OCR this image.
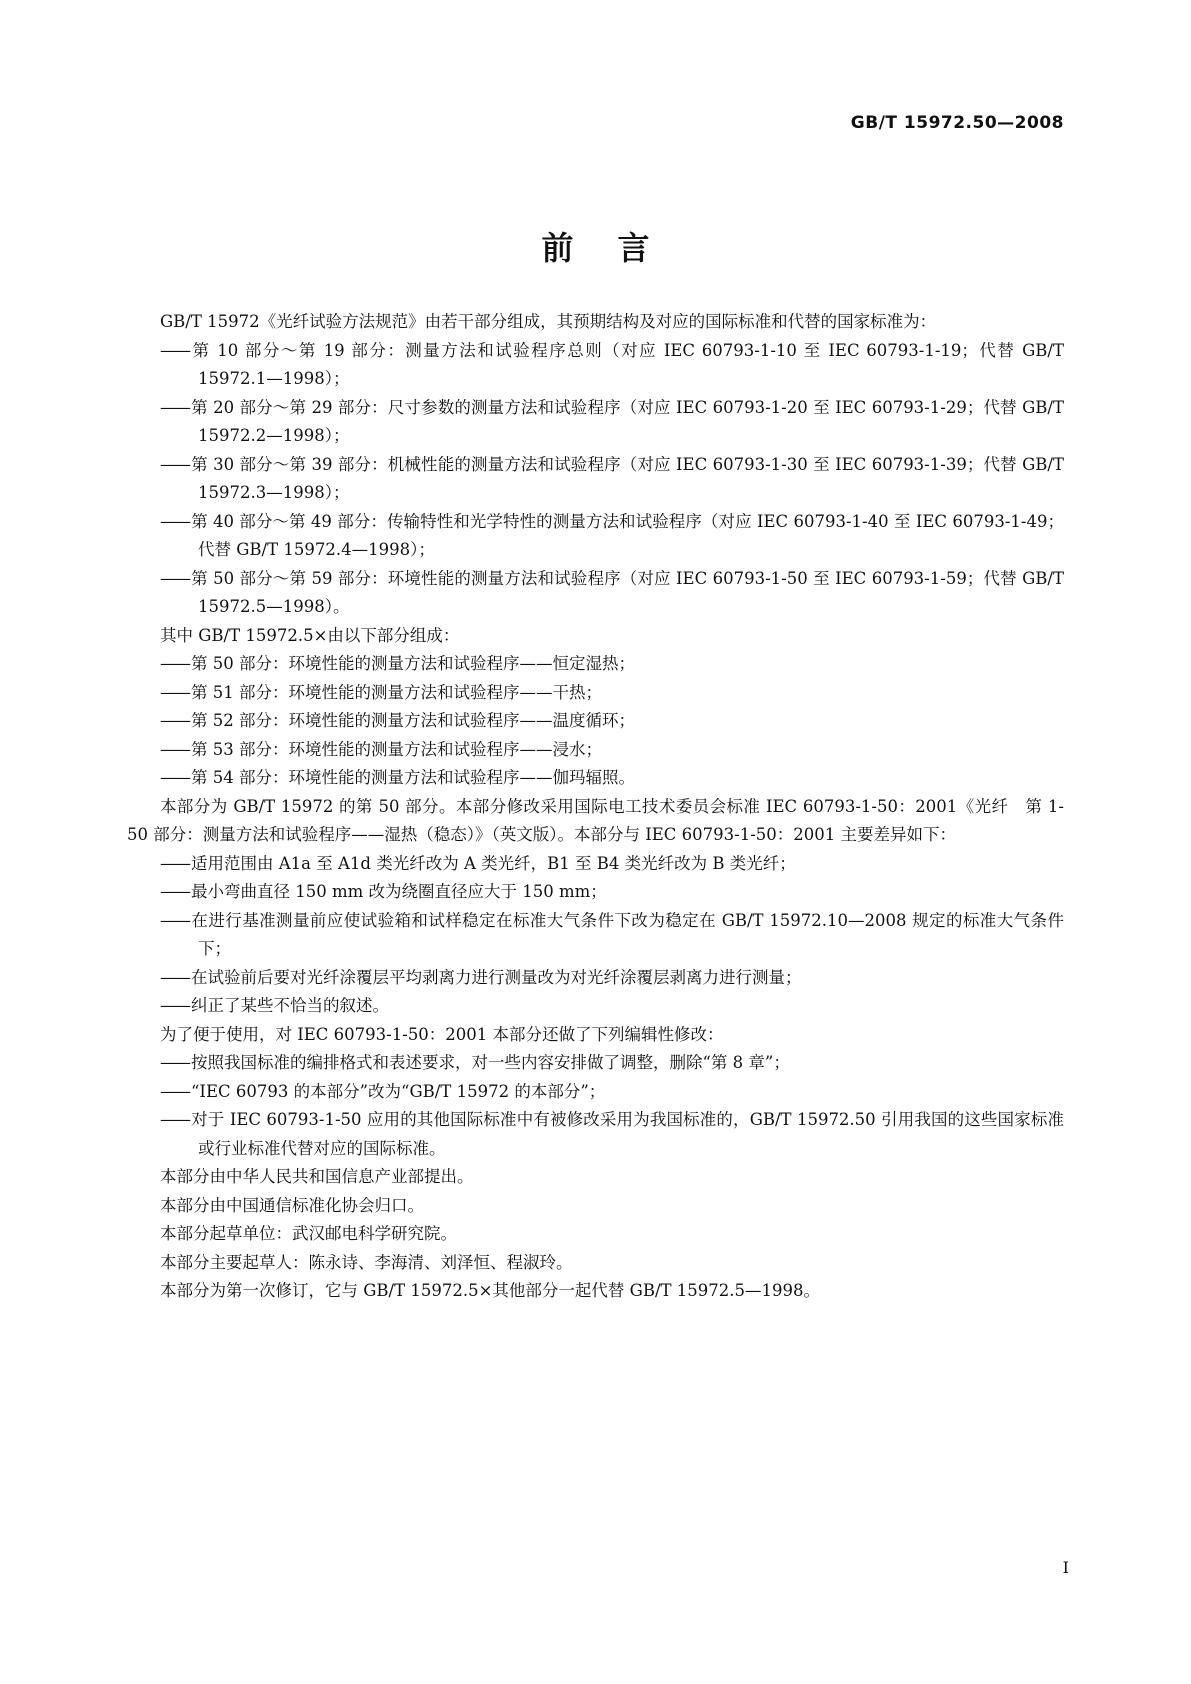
GB/T 15972.50—2008

前言

GB/T 15972《光纤试验方法规范》由若干部分组成，其预期结构及对应的国际标准和代替的国家标准为：

—— 第 10 部分～第 19 部分：测量方法和试验程序总则（对应 IEC 60793-1-10 至 IEC 60793-1-19；代替 GB/T 15972.1—1998）；

—— 第 20 部分～第 29 部分：尺寸参数的测量方法和试验程序（对应 IEC 60793-1-20 至 IEC 60793-1-29；代替 GB/T 15972.2—1998）；

—— 第 30 部分～第 39 部分：机械性能的测量方法和试验程序（对应 IEC 60793-1-30 至 IEC 60793-1-39；代替 GB/T 15972.3—1998）；

—— 第 40 部分～第 49 部分：传输特性和光学特性的测量方法和试验程序（对应 IEC 60793-1-40 至 IEC 60793-1-49；代替 GB/T 15972.4—1998）；

—— 第 50 部分～第 59 部分：环境性能的测量方法和试验程序（对应 IEC 60793-1-50 至 IEC 60793-1-59；代替 GB/T 15972.5—1998）。

其中 GB/T 15972.5×由以下部分组成：

—— 第 50 部分：环境性能的测量方法和试验程序——恒定湿热；

—— 第 51 部分：环境性能的测量方法和试验程序——干热；

—— 第 52 部分：环境性能的测量方法和试验程序——温度循环；

—— 第 53 部分：环境性能的测量方法和试验程序——浸水；

—— 第 54 部分：环境性能的测量方法和试验程序——伽玛辐照。

本部分为 GB/T 15972 的第 50 部分。本部分修改采用国际电工技术委员会标准 IEC 60793-1-50：2001《光纤　第 1-50 部分：测量方法和试验程序——湿热（稳态）》（英文版）。本部分与 IEC 60793-1-50：2001 主要差异如下：

—— 适用范围由 A1a 至 A1d 类光纤改为 A 类光纤，B1 至 B4 类光纤改为 B 类光纤；

—— 最小弯曲直径 150 mm 改为绕圈直径应大于 150 mm；

—— 在进行基准测量前应使试验箱和试样稳定在标准大气条件下改为稳定在 GB/T 15972.10—2008 规定的标准大气条件下；

—— 在试验前后要对光纤涂覆层平均剥离力进行测量改为对光纤涂覆层剥离力进行测量；

—— 纠正了某些不恰当的叙述。

为了便于使用，对 IEC 60793-1-50：2001 本部分还做了下列编辑性修改：

—— 按照我国标准的编排格式和表述要求，对一些内容安排做了调整，删除“第 8 章”；

—— “IEC 60793 的本部分”改为“GB/T 15972 的本部分”；

—— 对于 IEC 60793-1-50 应用的其他国际标准中有被修改采用为我国标准的，GB/T 15972.50 引用我国的这些国家标准或行业标准代替对应的国际标准。

本部分由中华人民共和国信息产业部提出。

本部分由中国通信标准化协会归口。

本部分起草单位：武汉邮电科学研究院。

本部分主要起草人：陈永诗、李海清、刘泽恒、程淑玲。

本部分为第一次修订，它与 GB/T 15972.5×其他部分一起代替 GB/T 15972.5—1998。

I
